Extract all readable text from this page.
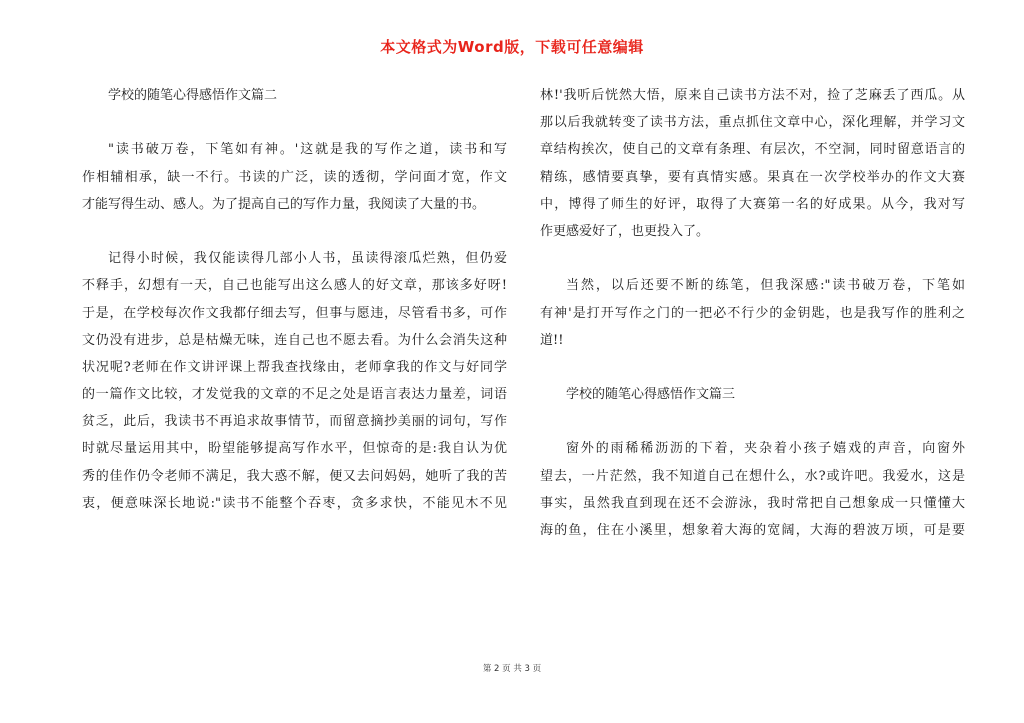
本文格式为Word版，下载可任意编辑
学校的随笔心得感悟作文篇二
"读书破万卷，下笔如有神。'这就是我的写作之道，读书和写
作相辅相承，缺一不行。书读的广泛，读的透彻，学问面才宽，作文
才能写得生动、感人。为了提高自己的写作力量，我阅读了大量的书。
记得小时候，我仅能读得几部小人书，虽读得滚瓜烂熟，但仍爱
不释手，幻想有一天，自己也能写出这么感人的好文章，那该多好呀!
于是，在学校每次作文我都仔细去写，但事与愿违，尽管看书多，可作
文仍没有进步，总是枯燥无味，连自己也不愿去看。为什么会消失这种
状况呢?老师在作文讲评课上帮我查找缘由，老师拿我的作文与好同学
的一篇作文比较，才发觉我的文章的不足之处是语言表达力量差，词语
贫乏，此后，我读书不再追求故事情节，而留意摘抄美丽的词句，写作
时就尽量运用其中，盼望能够提高写作水平，但惊奇的是:我自认为优
秀的佳作仍令老师不满足，我大惑不解，便又去问妈妈，她听了我的苦
衷，便意味深长地说:"读书不能整个吞枣，贪多求快，不能见木不见
林!'我听后恍然大悟，原来自己读书方法不对，捡了芝麻丢了西瓜。从
那以后我就转变了读书方法，重点抓住文章中心，深化理解，并学习文
章结构挨次，使自己的文章有条理、有层次，不空洞，同时留意语言的
精练，感情要真挚，要有真情实感。果真在一次学校举办的作文大赛
中，博得了师生的好评，取得了大赛第一名的好成果。从今，我对写
作更感爱好了，也更投入了。
当然，以后还要不断的练笔，但我深感:"读书破万卷，下笔如
有神'是打开写作之门的一把必不行少的金钥匙，也是我写作的胜利之
道!!
学校的随笔心得感悟作文篇三
窗外的雨稀稀沥沥的下着，夹杂着小孩子嬉戏的声音，向窗外
望去，一片茫然，我不知道自己在想什么，水?或许吧。我爱水，这是
事实，虽然我直到现在还不会游泳，我时常把自己想象成一只懂懂大
海的鱼，住在小溪里，想象着大海的宽阔，大海的碧波万顷，可是要
第 2 页 共 3 页
